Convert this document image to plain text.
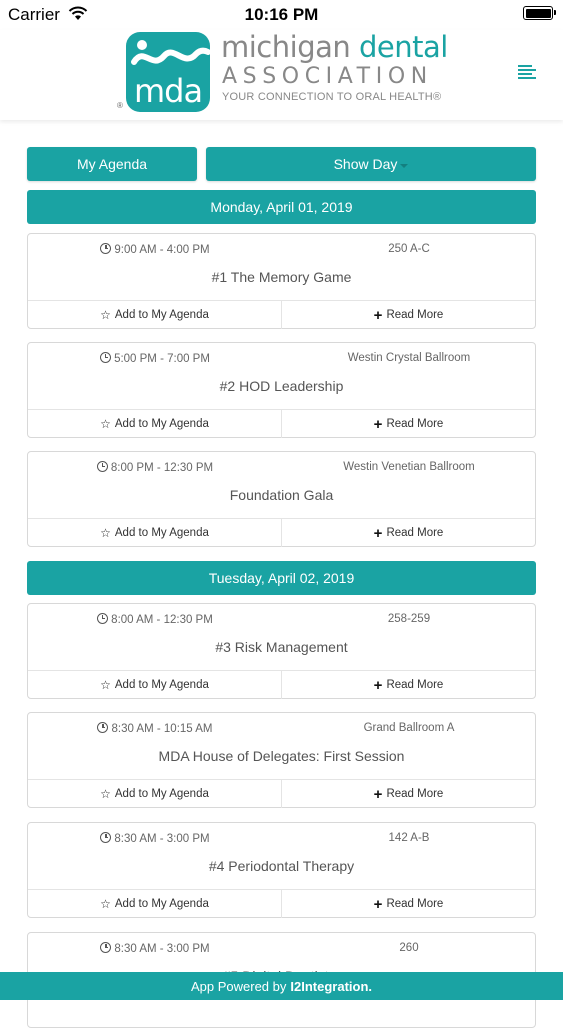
Carrier	10:16 PM
mda
®
michigan dental
ASSOCIATION
YOUR CONNECTION TO ORAL HEALTH®
My Agenda	Show Day
Monday, April 01, 2019
9:00 AM - 4:00 PM	250 A-C
#1 The Memory Game
☆ Add to My Agenda	+ Read More
5:00 PM - 7:00 PM	Westin Crystal Ballroom
#2 HOD Leadership
☆ Add to My Agenda	+ Read More
8:00 PM - 12:30 PM	Westin Venetian Ballroom
Foundation Gala
☆ Add to My Agenda	+ Read More
Tuesday, April 02, 2019
8:00 AM - 12:30 PM	258-259
#3 Risk Management
☆ Add to My Agenda	+ Read More
8:30 AM - 10:15 AM	Grand Ballroom A
MDA House of Delegates: First Session
☆ Add to My Agenda	+ Read More
8:30 AM - 3:00 PM	142 A-B
#4 Periodontal Therapy
☆ Add to My Agenda	+ Read More
8:30 AM - 3:00 PM	260
App Powered by I2Integration.
